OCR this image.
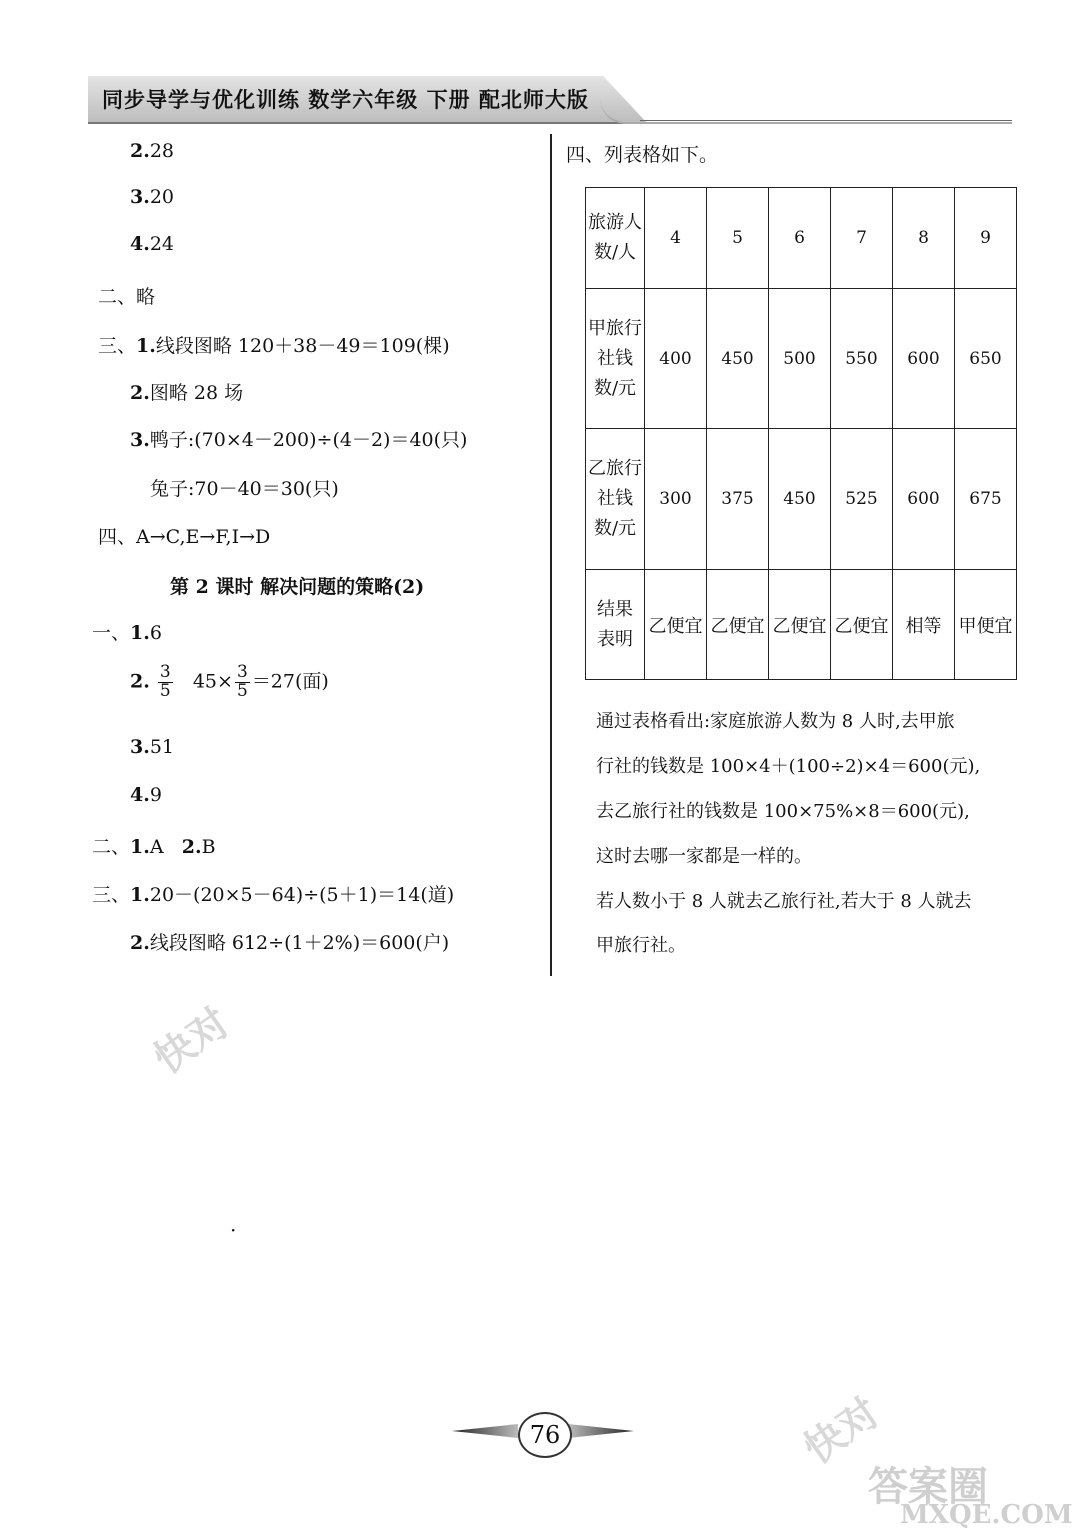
同步导学与优化训练 数学六年级 下册 配北师大版
2.28
3.20
4.24
二、略
三、1.线段图略 120＋38－49＝109(棵)
2.图略 28 场
3.鸭子:(70×4－200)÷(4－2)＝40(只)
兔子:70－40＝30(只)
四、A→C,E→F,I→D
第 2 课时 解决问题的策略(2)
一、1.6
2. $\frac{3}{5} 45\times \frac{3}{5} =27$(面)
3.51
4.9
二、1.A   2.B
三、1.20－(20×5－64)÷(5＋1)＝14(道)
2.线段图略 612÷(1＋2%)＝600(户)
·
四、列表格如下。
旅游人
数/人	4	5	6	7	8	9

甲旅行
社钱
数/元	400	450	500	550	600	650

乙旅行
社钱
数/元	300	375	450	525	600	675

结果
表明	乙便宜	乙便宜	乙便宜	乙便宜	相等	甲便宜
通过表格看出:家庭旅游人数为 8 人时,去甲旅
行社的钱数是 100×4＋(100÷2)×4＝600(元),
去乙旅行社的钱数是 100×75%×8＝600(元),
这时去哪一家都是一样的。
若人数小于 8 人就去乙旅行社,若大于 8 人就去
甲旅行社。
快对
快对
答案圈
MXQE.COM
76
